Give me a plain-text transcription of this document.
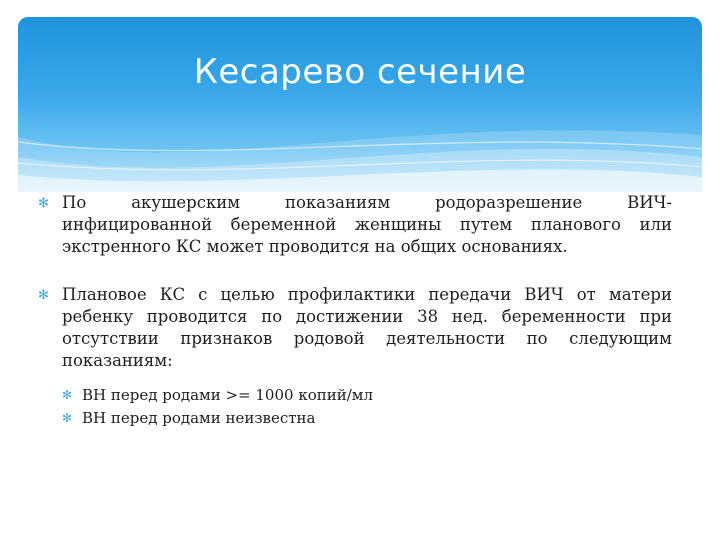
Кесарево сечение
✻ По	акушерским	показаниям	родоразрешение	ВИЧ-
инфицированной беременной женщины путем планового или экстренного КС может проводится на общих основаниях.
✻ Плановое КС с целью профилактики передачи ВИЧ от матери ребенку проводится по достижении 38 нед. беременности при отсутствии признаков родовой деятельности по следующим показаниям:
✻ ВН перед родами >= 1000 копий/мл
✻ ВН перед родами неизвестна
